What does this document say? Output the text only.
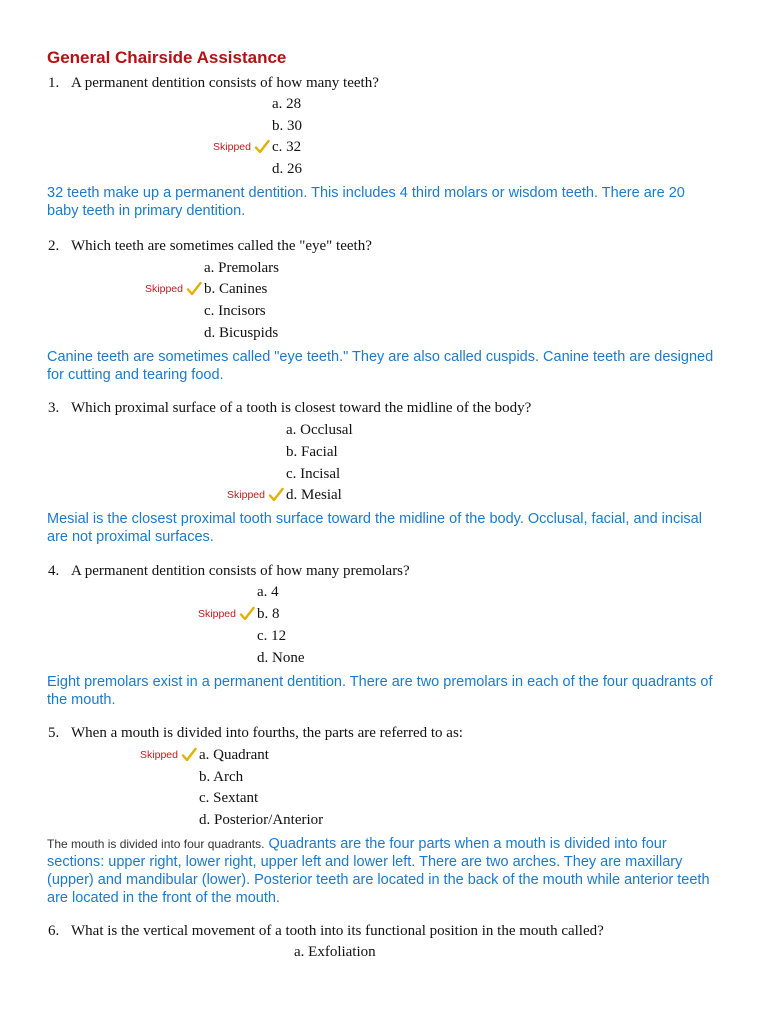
General Chairside Assistance
1. A permanent dentition consists of how many teeth?
a. 28
b. 30
Skipped c. 32
d. 26
32 teeth make up a permanent dentition. This includes 4 third molars or wisdom teeth. There are 20 baby teeth in primary dentition.
2. Which teeth are sometimes called the "eye" teeth?
a. Premolars
Skipped b. Canines
c. Incisors
d. Bicuspids
Canine teeth are sometimes called "eye teeth." They are also called cuspids. Canine teeth are designed for cutting and tearing food.
3. Which proximal surface of a tooth is closest toward the midline of the body?
a. Occlusal
b. Facial
c. Incisal
Skipped d. Mesial
Mesial is the closest proximal tooth surface toward the midline of the body. Occlusal, facial, and incisal are not proximal surfaces.
4. A permanent dentition consists of how many premolars?
a. 4
Skipped b. 8
c. 12
d. None
Eight premolars exist in a permanent dentition. There are two premolars in each of the four quadrants of the mouth.
5. When a mouth is divided into fourths, the parts are referred to as:
Skipped a. Quadrant
b. Arch
c. Sextant
d. Posterior/Anterior
The mouth is divided into four quadrants. Quadrants are the four parts when a mouth is divided into four sections: upper right, lower right, upper left and lower left. There are two arches. They are maxillary (upper) and mandibular (lower). Posterior teeth are located in the back of the mouth while anterior teeth are located in the front of the mouth.
6. What is the vertical movement of a tooth into its functional position in the mouth called?
a. Exfoliation
